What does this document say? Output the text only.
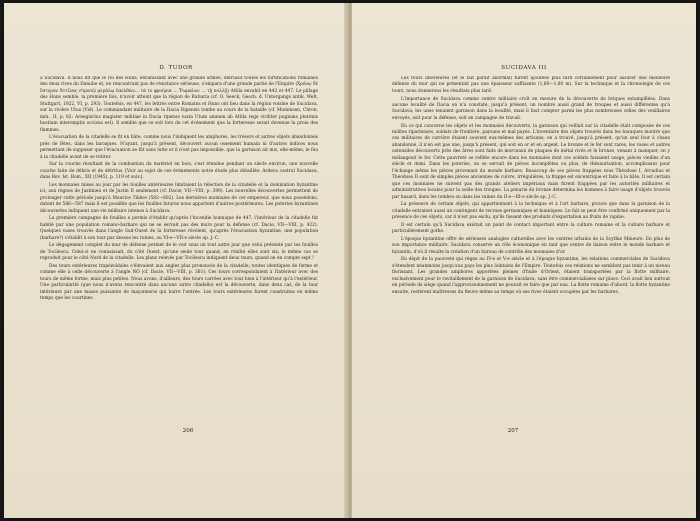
D. TUDOR

à Sucidava. Il nous dit que le roi des Huns, envahissant avec une grande armée, détruisit toutes les fortifications romaines des deux rives du Danube et, ne rencontrant pas de résistance sérieuse, s'empara d'une grande partie de l'Empire (Χρόνῳ δὲ ὕστερον Ἀττίλας στρατῷ μεγάλῳ ἐπελθὼν... τὰ τε φρούρια ... Ῥωμαίων ... τῇ πολλῇ) Attila envahit en 442 et 447. Le pillage des Huns semble, la première fois, n'avoir atteint que la région de Ratiaria (cf. O. Seeck, Gesch. d. Untergangs antik. Welt, Stuttgart, 1922, VI, p. 293). Toutefois, en 447, les lettres entre Romains et Huns ont lieu dans la région voisine de Sucidava, sur la rivière Utus (Vid). Le commandant militaire de la Dacia Ripensis tombe au cours de la bataille (cf. Mommsen, Chron. min., II, p. 82: Arnegisclus magister militiae in Dacia ripense iuxta Utum amnem ab Attila rege viriliter pugnans plurimis hostium interemptis occisus est). Il semble que ce soit lors de cet événement que la forteresse serait devenue la proie des flammes.

L'évacuation de la citadelle se fit en hâte, comme nous l'indiquent les amphores, les trésors et autres objets abandonnés près de fêtes, dans les baraques. N'ayant, jusqu'à présent, découvert aucun ossement humain ni d'autres indices nous permettant de supposer que l'évacuation se fût sans lutte et il n'est pas impossible, que la garnison ait mis, elle-même, le feu à la citadelle avant de se retirer.

Sur la couche résultant de la combustion du matériel en bois, s'est étendue pendant un siècle environ, une nouvelle couche faite de débris et de détritus. [Voir au sujet de ces événements notre étude plus détaillée: Ardeva castrul Sucidava, dans Rev. Ist. Rom., XII (1945), p. 119 et suiv.].

Les monnaies mises au jour par les fouilles antérieures limitaient la rélection de la citadelle et la domination byzantine ici, aux règnes de Justinien et de Justin II seulement (cf. Dacie, VII—VIII, p. 399). Les nouvelles découvertes permettent de prolonger cette période jusqu'à Maurice Tibère (582—602). Les dernières monnaies de cet empereur, que nous possédons, datent de 586—587 mais il est possible que les fouilles futures nous apportent d'autres postérieures. Les poteries byzantines découvertes indiquent une vie militaire intense à Sucidava.

La première campagne de fouilles a permis d'établir qu'après l'incendie hunnique de 447, l'intérieur de la citadelle fut habité par une population romano-barbare qui ne se servait pas des murs pour la défense (cf. Dacie, VII—VIII, p. 422). Quelques vases trouvés dans l'angle Sud-Ouest de la forteresse révèlent, qu'après l'évacuation byzantine, une population (barbare?) s'établit à son tour par dessus les ruines, au VI-e—VII-e siècle ap. J.-C.

Le dégagement complet du mur de défense permet de le voir sous un tout autre jour que celui présenté par les fouilles de Tocilescu. Celui-ci ne connaissait, du côté Ouest, qu'une seule tour quand, en réalité elles sont six; le même cas se reproduit pour le côté Nord de la citadelle. Les plans relevés par Tocilescu indiquent deux tours, quand on en compte sept !

Des tours extérieures trapézoïdales s'élevaient aux angles plus prononcés de la citadelle; toutes identiques de forme et comme elle à celle découverte à l'angle NO (cf. Dacie, VII—VIII, p. 361). Ces tours correspondaient à l'intérieur avec des tours de même forme, mais plus petites. Nous avons, d'ailleurs, des tours carrées avec tout bien à l'intérieur qu'à l'extérieur. Une particularité (que nous n'avons rencontré dans aucune autre citadelle) est la découverte, dans deux cas, de la tour intérieure par une masse puissante de maçonnerie qui barre l'entrée. Les tours extérieures furent construites en même temps que les courtines.

206
SUCIDAVA III

Les tours intérieures (et le fait paraît anormal) furent ajoutées plus tard certainement pour assurer une meilleure défense du mur qui ne présentait pas une épaisseur suffisante (1,60—1,80 m). Sur la technique et la chronologie de ces tours, nous donnerons les résultats plus tard.

L'importance de Sucidava comme centre militaire croît en mesure de la découverte de briques estampillées. Dans aucune localité de Dacia on n'a constaté, jusqu'à présent, un nombre aussi grand de troupes et aussi différentes qu'à Sucidava; les unes tenaient garnison dans la localité, mais il faut compter parmi les plus nombreuses celles des vexillaires envoyés, soit pour la défense, soit en campagne de travail.

En ce qui concerne les objets et les monnaies découverts, la garnison qui veillait sur la citadelle était composée de ces milites riparienses, soldats de frontière, paysans et mal payés. L'inventaire des objets trouvés dans les baraques montre que ces militaires de carrière étaient souvent eux-mêmes des artisans; on a trouvé, jusqu'à présent, qu'un seul four à chaux abandonné, il n'en est pas une, jusqu'à présent, qui soit en or et en argent. Le bronze et le fer sont rares, les vases et autres ustensiles découverts près des âtres sont faits de morceaux de plaques de métal rivés et le bronze, venant à manquer, on y mélangeait le fer. Cette pauvreté se reflète encore dans les monnaies dont ces soldats faisaient usage, pièces vieilles d'un siècle et demi. Dans les poteries, on se servait de pièces incomplètes ou plus, de thésaurisation, accomplissant pour l'échange même les pièces provenant du monde barbare. Beaucoup de ces pièces frappées sous Théodose I, Arcadius et Théodose II sont de simples pièces anciennes de cuivre, irrégulières, la frappe est excentrique et faite à la hâte. Il est certain que ces monnaies ne suivent pas des grands ateliers impériaux mais furent frappées par les autorités militaires et administratives locales pour la solde des troupes. La pénurie du bronze détermina les hommes à faire usage d'objets trouvés par hasard, dans les tombes ou dans les ruines du II-e—III-e siècle ap. J.-C.

La présence de certain objets, qui appartiennent à la technique et à l'art barbare, prouve que dans la garnison de la citadelle entraient aussi un contingent de recrues germaniques et hunniques. Le fait se peut être confirmé uniquement par la présence de ces objets, car il n'est pas exclu, qu'ils fussent des produits d'exportation au fruits de rapine.

Il est certain qu'à Sucidava existait un point de contact important entre la culture romaine et la culture barbare et particulièrement gothe.

L'époque byzantine offre de sérieuses analogies culturelles avec les centres urbains de la Scythie Mineure. En plus de son importance militaire, Sucidava conserve un rôle économique en tant que centre de liaison entre le monde barbare et byzantin, d'où il résulte la création d'un bureau de contrôle des monnaies d'or.

En dépit de la pauvreté qui règne au IV-e et V-e siècle et à l'époque byzantine, les relations commerciales de Sucidava s'étendent néanmoins jusqu'aux pays les plus lointains de l'Empire. Toutefois ces relations ne semblent pas tenir à un niveau florissant. Les grandes amphores apportées pleines d'huile d'Orient, étaient transportées par la flotte militaire, exclusivement pour le ravitaillement de la garnison de Sucidava, sans être commercialisées sur place. Ceci avait lieu surtout en période de siège quand l'approvisionnement ne pouvait se faire que par eau. La flotte romaine d'abord, la flotte byzantine ensuite, restèrent maîtresses du fleuve même au temps où ses rives étaient occupées par les barbares.

207
